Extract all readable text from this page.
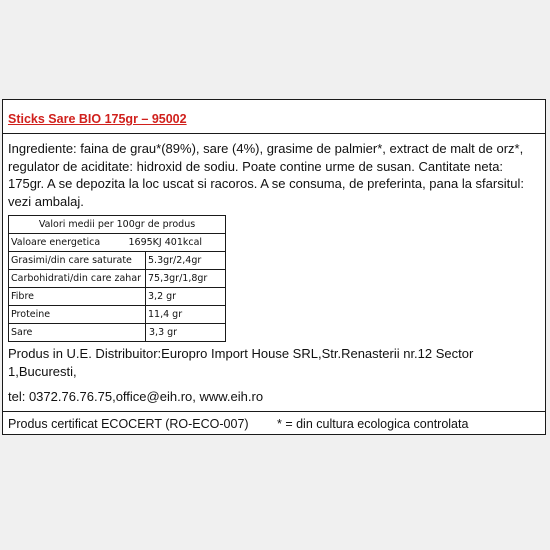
Sticks Sare BIO 175gr – 95002

Ingrediente: faina de grau*(89%), sare (4%), grasime de palmier*, extract de malt de orz*, regulator de aciditate: hidroxid de sodiu. Poate contine urme de susan. Cantitate neta: 175gr. A se depozita la loc uscat si racoros. A se consuma, de preferinta, pana la sfarsitul: vezi ambalaj.

Valori medii per 100gr de produs	
Valoare energetica 1695KJ 401kcal	

Grasimi/din care saturate	5.3gr/2,4gr
Carbohidrati/din care zahar	75,3gr/1,8gr
Fibre	3,2 gr
Proteine	11,4 gr
Sare	3,3 gr

Produs in U.E. Distribuitor:Europro Import House SRL,Str.Renasterii nr.12 Sector 1,Bucuresti,

tel: 0372.76.76.75,office@eih.ro, www.eih.ro

Produs certificat ECOCERT (RO-ECO-007) * = din cultura ecologica controlata
